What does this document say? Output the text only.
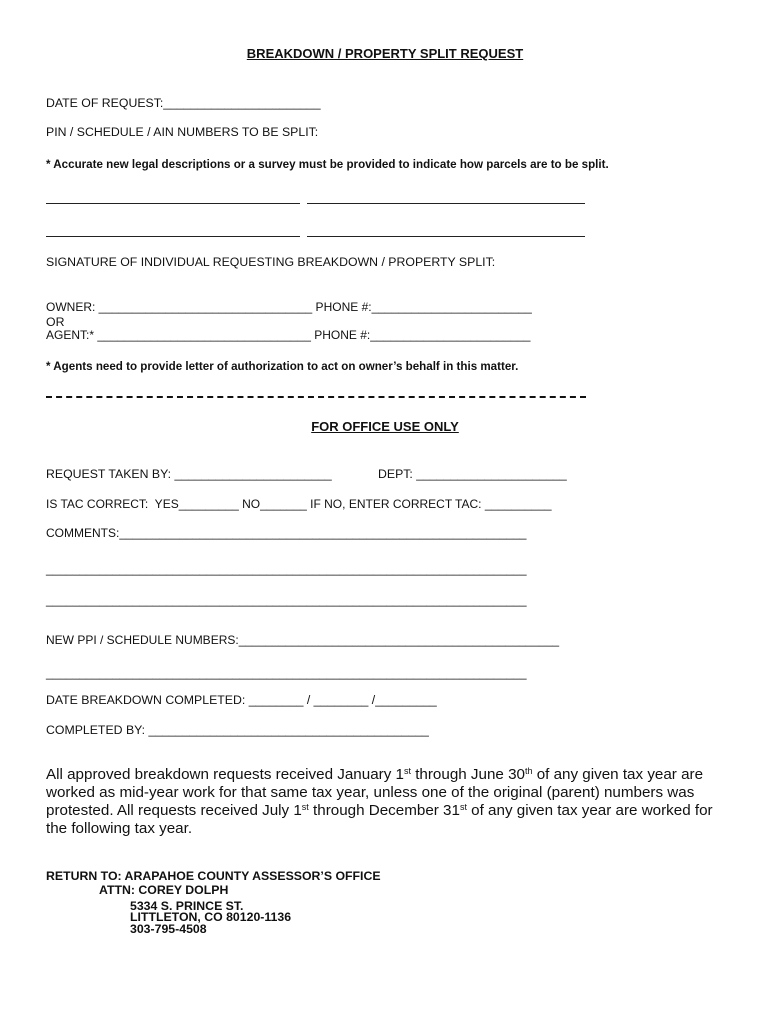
BREAKDOWN / PROPERTY SPLIT REQUEST
DATE OF REQUEST:_______________________
PIN / SCHEDULE / AIN NUMBERS TO BE SPLIT:
* Accurate new legal descriptions or a survey must be provided to indicate how parcels are to be split.
SIGNATURE OF INDIVIDUAL REQUESTING BREAKDOWN / PROPERTY SPLIT:
OWNER: ________________________________ PHONE #:________________________
OR
AGENT:* ________________________________ PHONE #:________________________
* Agents need to provide letter of authorization to act on owner’s behalf in this matter.
FOR OFFICE USE ONLY
REQUEST TAKEN BY: _______________________	DEPT: ______________________
IS TAC CORRECT:  YES_________ NO_______ IF NO, ENTER CORRECT TAC: __________
COMMENTS:_____________________________________________________________
________________________________________________________________________
________________________________________________________________________
NEW PPI / SCHEDULE NUMBERS:________________________________________________
________________________________________________________________________
DATE BREAKDOWN COMPLETED: ________ / ________ /_________
COMPLETED BY: _________________________________________

All approved breakdown requests received January 1st through June 30th of any given tax year are worked as mid-year work for that same tax year, unless one of the original (parent) numbers was protested. All requests received July 1st through December 31st of any given tax year are worked for the following tax year.

RETURN TO: ARAPAHOE COUNTY ASSESSOR’S OFFICE
ATTN: COREY DOLPH
5334 S. PRINCE ST.
LITTLETON, CO 80120-1136
303-795-4508
